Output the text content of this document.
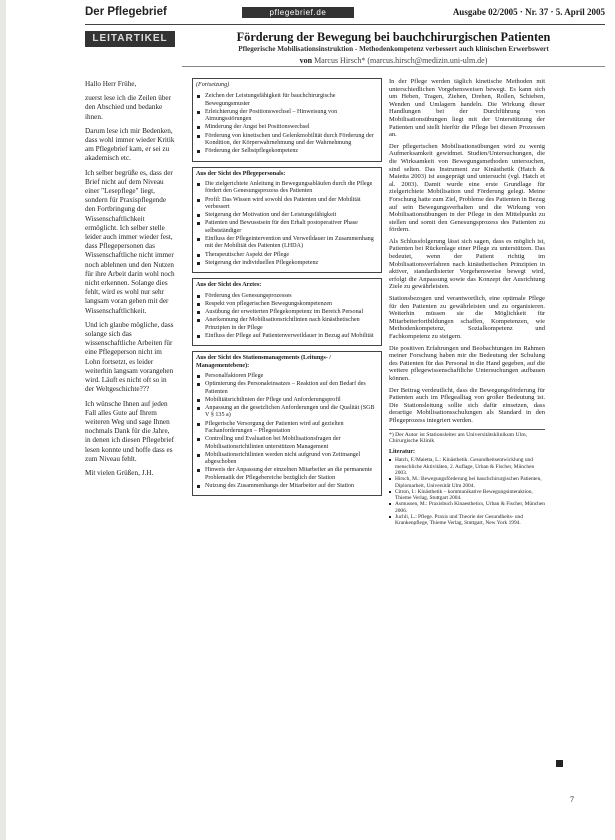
Der Pflegebrief	pflegebrief.de	Ausgabe 02/2005 · Nr. 37 · 5. April 2005
LEITARTIKEL	Förderung der Bewegung bei bauchchirurgischen Patienten
Pflegerische Mobilisationsinstruktion - Methodenkompetenz verbessert auch klinischen Erwerbswert
von Marcus Hirsch* (marcus.hirsch@medizin.uni-ulm.de)

Hallo Herr Frühe,

zuerst lese ich die Zeilen über den Abschied und bedanke ihnen.

Darum lese ich mir Bedenken, dass wohl immer wieder Kritik am Pflegebrief kam, er sei zu akademisch etc.

Ich selber begrüße es, dass der Brief nicht auf dem Niveau einer "Lesepflege" liegt, sondern für Praxispflegende den Fortbringung der Wissenschaftlichkeit ermöglicht. Ich selber stelle leider auch immer wieder fest, dass Pflegepersonen das Wissenschaftliche nicht immer noch ablehnen und den Nutzen für ihre Arbeit darin wohl noch nicht erkennen. Solange dies fehlt, wird es wohl nur sehr langsam voran gehen mit der Wissenschaftlichkeit.

Und ich glaube mögliche, dass solange sich das wissenschaftliche Arbeiten für eine Pflegeperson nicht im Lohn fortsetzt, es leider weiterhin langsam vorangehen wird. Läuft es nicht oft so in der Weltgeschichte???

Ich wünsche Ihnen auf jeden Fall alles Gute auf Ihrem weiteren Weg und sage Ihnen nochmals Dank für die Jahre, in denen ich diesen Pflegebrief lesen konnte und hoffe dass es zum Niveau fehlt.

Mit vielen Grüßen, J.H.

(Fortsetzung)

Zeichen der Leistungsfähigkeit für bauchchirurgische Bewegungsmuster
Erleichterung der Positionswechsel – Hinweisung von Atmungsstörungen
Minderung der Angst bei Positionswechsel
Förderung von kinetischen und Gelenkmobilität durch Förderung der Kondition, der Körperwahrnehmung und der Wahrnehmung
Förderung der Selbstpflegekompetenz

Aus der Sicht des Pflegepersonals:

Die zielgerichtete Anleitung in Bewegungsabläufen durch die Pflege fördert den Genesungsprozess des Patienten
Profil: Das Wissen wird sowohl des Patienten und der Mobilität verbessert
Steigerung der Motivation und der Leistungsfähigkeit
Patienten und Bewusstsein für den Erhalt postoperativer Phase selbstständiger
Einfluss der Pflegeintervention und Verweildauer im Zusammenhang mit der Mobilität des Patienten (LHDA)
Therapeutischer Aspekt der Pflege
Steigerung der individuellen Pflegekompetenz

Aus der Sicht des Arztes:

Förderung des Genesungsprozesses
Respekt von pflegerischen Bewegungskompetenzen
Ausübung der erweiterten Pflegekompetenz im Bereich Personal
Anerkennung der Mobilisationsrichtlinien nach kinästhetischen Prinzipien in der Pflege
Einfluss der Pflege auf Patientenverweildauer in Bezug auf Mobilität

Aus der Sicht des Stationsmanagements (Leitungs- / Managementebene):

Personalfaktoren Pflege
Optimierung des Personaleinsatzes – Reaktion auf den Bedarf des Patienten
Mobilitätsrichtlinien der Pflege und Anforderungsprofil
Anpassung an die gesetzlichen Anforderungen und die Qualität (SGB V § 135 a)
Pflegerische Versorgung der Patienten wird auf gezielten Fachanforderungen – Pflegestation
Controlling und Evaluation bei Mobilisationsfragen der Mobilisationsrichtlinien unterstützen Management
Mobilisationsrichtlinien werden nicht aufgrund von Zeitmangel abgeschoben
Hinweis der Anpassung der einzelnen Mitarbeiter an die permanente Problematik der Pflegebereiche bezüglich der Station
Nutzung des Zusammenhangs der Mitarbeiter auf der Station

In der Pflege werden täglich kinetische Methoden mit unterschiedlichen Vorgehensweisen bewegt. Es kann sich um Heben, Tragen, Ziehen, Drehen, Rollen, Schieben, Wenden und Umlagern handeln. Die Wirkung dieser Handlungen bei der Durchführung von Mobilisationsübungen liegt mit der Unterstützung der Patienten und stellt hierfür die Pflege bei diesen Prozessen an.

Der pflegerischen Mobilisationsübungen wird zu wenig Aufmerksamkeit gewidmet. Studien/Untersuchungen, die die Wirksamkeit von Bewegungsmethoden untersuchen, sind selten. Das Instrument zur Kinästhetik (Hatch & Maietta 2003) ist ausgeprägt und untersucht (vgl. Hatch et al. 2003). Damit wurde eine erste Grundlage für zielgerichtete Mobilisation und Förderung gelegt. Meine Forschung hatte zum Ziel, Probleme des Patienten in Bezug auf sein Bewegungsverhalten und die Wirkung von Mobilisationsübungen in der Pflege in den Mittelpunkt zu stellen und somit den Genesungsprozess des Patienten zu fördern.

Als Schlussfolgerung lässt sich sagen, dass es möglich ist, Patienten bei Rückenlage einer Pflege zu unterstützen. Das bedeutet, wenn der Patient richtig im Mobilisationsverfahren nach kinästhetischen Prinzipien in aktiver, standardisierter Vorgehensweise bewegt wird, erfolgt die Anpassung sowie das Konzept der Ausrichtung Ziele zu gewährleisten.

Stationsbezogen und verantwortlich, eine optimale Pflege für den Patienten zu gewährleisten und zu organisieren. Weiterhin müssen sie die Möglichkeit für Mitarbeiterfortbildungen schaffen, Kompetenzen, wie Methodenkompetenz, Sozialkompetenz und Fachkompetenz zu steigern.

Die positiven Erfahrungen und Beobachtungen im Rahmen meiner Forschung haben mir die Bedeutung der Schulung des Patienten für das Personal in die Hand gegeben, auf die weitere pflegewissenschaftliche Untersuchungen aufbauen können.

Der Beitrag verdeutlicht, dass die Bewegungsförderung für Patienten auch im Pflegealltag von großer Bedeutung ist. Die Stationsleitung sollte sich dafür einsetzen, dass derartige Mobilisationsschulungen als Standard in den Pflegeprozess integriert werden.

*) Der Autor ist Stationsleiter am Universitätsklinikum Ulm, Chirurgische Klinik

Literatur:

Hatch, F./Maietta, L.: Kinästhetik. Gesundheitsentwicklung und menschliche Aktivitäten, 2. Auflage, Urban & Fischer, München 2003.
Hirsch, M.: Bewegungsförderung bei bauchchirurgischen Patienten, Diplomarbeit, Universität Ulm 2004.
Citron, I.: Kinästhetik – kommunikative Bewegungsinteraktion, Thieme Verlag, Stuttgart 2004.
Asmussen, M.: Praxisbuch Kinaesthetics, Urban & Fischer, München 2006.
Juchli, L.: Pflege. Praxis und Theorie der Gesundheits- und Krankenpflege, Thieme Verlag, Stuttgart, New York 1994.
7
